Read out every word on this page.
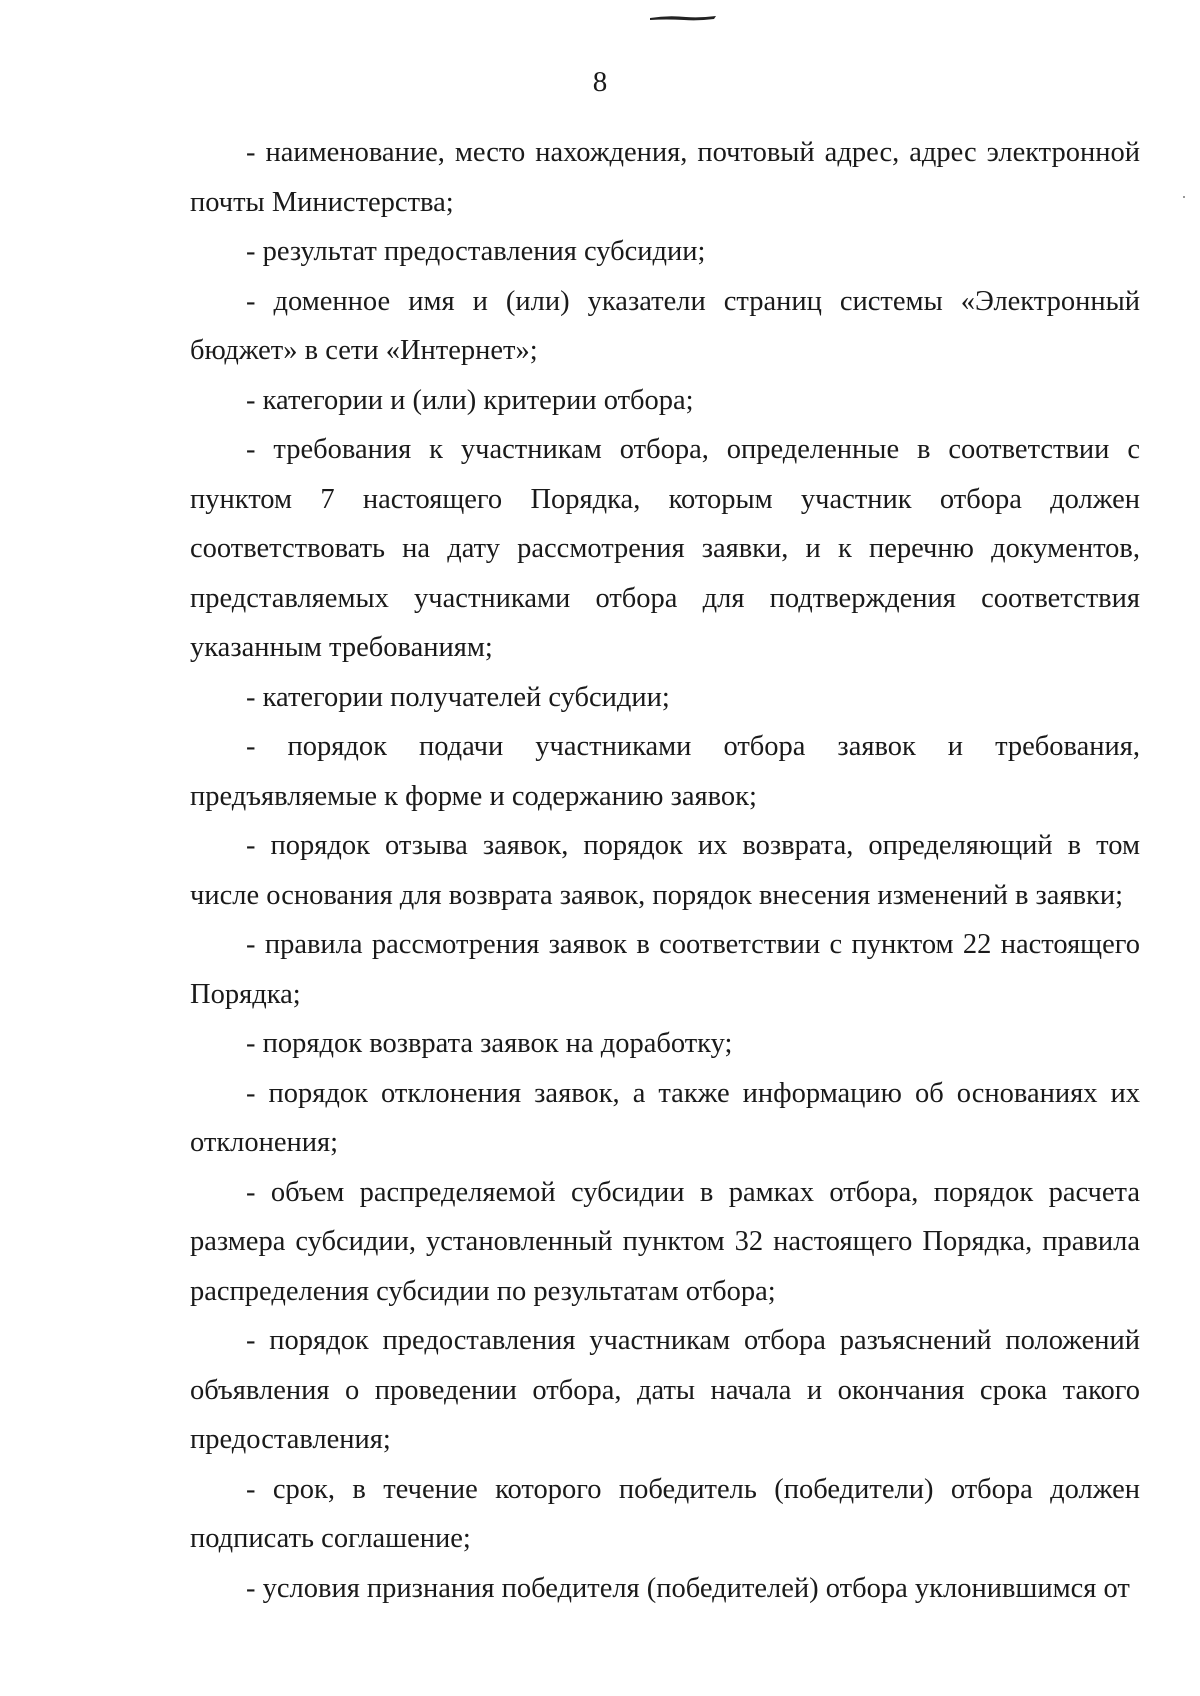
8

- наименование, место нахождения, почтовый адрес, адрес электронной почты Министерства;

- результат предоставления субсидии;

- доменное имя и (или) указатели страниц системы «Электронный бюджет» в сети «Интернет»;

- категории и (или) критерии отбора;

- требования к участникам отбора, определенные в соответствии с пунктом 7 настоящего Порядка, которым участник отбора должен соответствовать на дату рассмотрения заявки, и к перечню документов, представляемых участниками отбора для подтверждения соответствия указанным требованиям;

- категории получателей субсидии;

- порядок подачи участниками отбора заявок и требования, предъявляемые к форме и содержанию заявок;

- порядок отзыва заявок, порядок их возврата, определяющий в том числе основания для возврата заявок, порядок внесения изменений в заявки;

- правила рассмотрения заявок в соответствии с пунктом 22 настоящего Порядка;

- порядок возврата заявок на доработку;

- порядок отклонения заявок, а также информацию об основаниях их отклонения;

- объем распределяемой субсидии в рамках отбора, порядок расчета размера субсидии, установленный пунктом 32 настоящего Порядка, правила распределения субсидии по результатам отбора;

- порядок предоставления участникам отбора разъяснений положений объявления о проведении отбора, даты начала и окончания срока такого предоставления;

- срок, в течение которого победитель (победители) отбора должен подписать соглашение;

- условия признания победителя (победителей) отбора уклонившимся от
